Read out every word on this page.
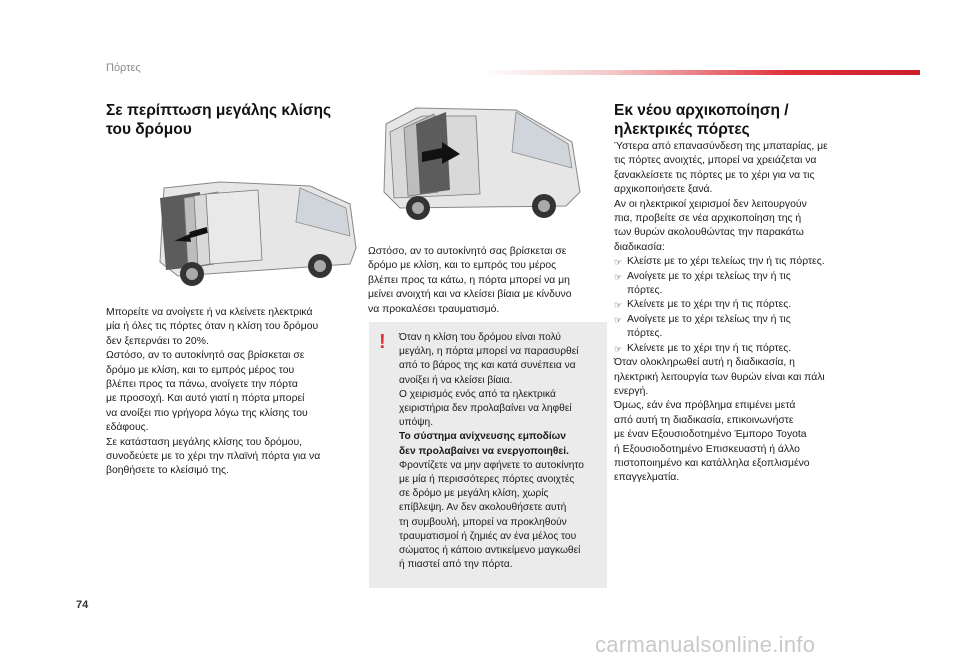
Πόρτες
Σε περίπτωση μεγάλης κλίσης
του δρόμου
Μπορείτε να ανοίγετε ή να κλείνετε ηλεκτρικά
μία ή όλες τις πόρτες όταν η κλίση του δρόμου
δεν ξεπερνάει το 20%.
Ωστόσο, αν το αυτοκίνητό σας βρίσκεται σε
δρόμο με κλίση, και το εμπρός μέρος του
βλέπει προς τα πάνω, ανοίγετε την πόρτα
με προσοχή. Και αυτό γιατί η πόρτα μπορεί
να ανοίξει πιο γρήγορα λόγω της κλίσης του
εδάφους.
Σε κατάσταση μεγάλης κλίσης του δρόμου,
συνοδεύετε με το χέρι την πλαϊνή πόρτα για να
βοηθήσετε το κλείσιμό της.
Ωστόσο, αν το αυτοκίνητό σας βρίσκεται σε
δρόμο με κλίση, και το εμπρός του μέρος
βλέπει προς τα κάτω, η πόρτα μπορεί να μη
μείνει ανοιχτή και να κλείσει βίαια με κίνδυνο
να προκαλέσει τραυματισμό.
! Όταν η κλίση του δρόμου είναι πολύ
μεγάλη, η πόρτα μπορεί να παρασυρθεί
από το βάρος της και κατά συνέπεια να
ανοίξει ή να κλείσει βίαια.
Ο χειρισμός ενός από τα ηλεκτρικά
χειριστήρια δεν προλαβαίνει να ληφθεί
υπόψη.
Το σύστημα ανίχνευσης εμποδίων
δεν προλαβαίνει να ενεργοποιηθεί.
Φροντίζετε να μην αφήνετε το αυτοκίνητο
με μία ή περισσότερες πόρτες ανοιχτές
σε δρόμο με μεγάλη κλίση, χωρίς
επίβλεψη. Αν δεν ακολουθήσετε αυτή
τη συμβουλή, μπορεί να προκληθούν
τραυματισμοί ή ζημιές αν ένα μέλος του
σώματος ή κάποιο αντικείμενο μαγκωθεί
ή πιαστεί από την πόρτα.
Εκ νέου αρχικοποίηση /
ηλεκτρικές πόρτες
Ύστερα από επανασύνδεση της μπαταρίας, με
τις πόρτες ανοιχτές, μπορεί να χρειάζεται να
ξανακλείσετε τις πόρτες με το χέρι για να τις
αρχικοποιήσετε ξανά.
Αν οι ηλεκτρικοί χειρισμοί δεν λειτουργούν
πια, προβείτε σε νέα αρχικοποίηση της ή
των θυρών ακολουθώντας την παρακάτω
διαδικασία:
☞ Κλείστε με το χέρι τελείως την ή τις πόρτες.
☞ Ανοίγετε με το χέρι τελείως την ή τις
πόρτες.
☞ Κλείνετε με το χέρι την ή τις πόρτες.
☞ Ανοίγετε με το χέρι τελείως την ή τις
πόρτες.
☞ Κλείνετε με το χέρι την ή τις πόρτες.
Όταν ολοκληρωθεί αυτή η διαδικασία, η
ηλεκτρική λειτουργία των θυρών είναι και πάλι
ενεργή.
Όμως, εάν ένα πρόβλημα επιμένει μετά
από αυτή τη διαδικασία, επικοινωνήστε
με έναν Εξουσιοδοτημένο Έμπορο Toyota
ή Εξουσιοδοτημένο Επισκευαστή ή άλλο
πιστοποιημένο και κατάλληλα εξοπλισμένο
επαγγελματία.
74
carmanualsonline.info
